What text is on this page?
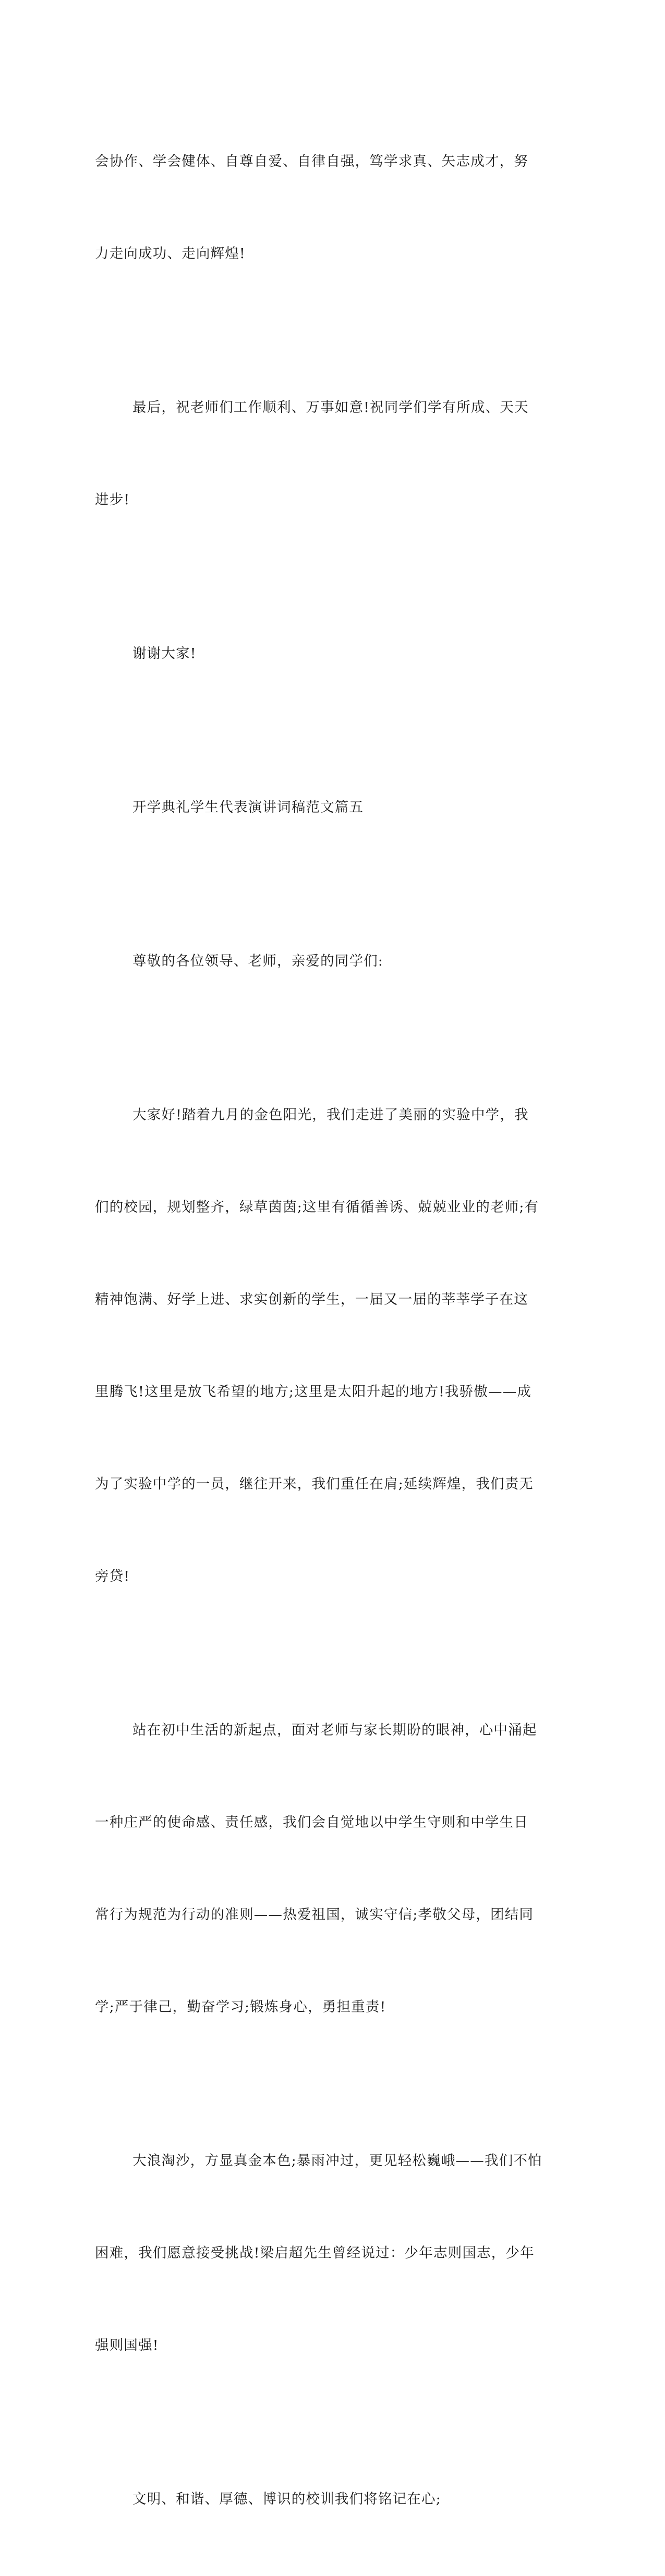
会协作、学会健体、自尊自爱、自律自强，笃学求真、矢志成才，努

力走向成功、走向辉煌!

最后，祝老师们工作顺利、万事如意!祝同学们学有所成、天天

进步!

谢谢大家!

开学典礼学生代表演讲词稿范文篇五

尊敬的各位领导、老师，亲爱的同学们:

大家好!踏着九月的金色阳光，我们走进了美丽的实验中学，我

们的校园，规划整齐，绿草茵茵;这里有循循善诱、兢兢业业的老师;有

精神饱满、好学上进、求实创新的学生，一届又一届的莘莘学子在这

里腾飞!这里是放飞希望的地方;这里是太阳升起的地方!我骄傲——成

为了实验中学的一员，继往开来，我们重任在肩;延续辉煌，我们责无

旁贷!

站在初中生活的新起点，面对老师与家长期盼的眼神，心中涌起

一种庄严的使命感、责任感，我们会自觉地以中学生守则和中学生日

常行为规范为行动的准则——热爱祖国，诚实守信;孝敬父母，团结同

学;严于律己，勤奋学习;锻炼身心，勇担重责!

大浪淘沙，方显真金本色;暴雨冲过，更见轻松巍峨——我们不怕

困难，我们愿意接受挑战!梁启超先生曾经说过：少年志则国志，少年

强则国强!

文明、和谐、厚德、博识的校训我们将铭记在心;
